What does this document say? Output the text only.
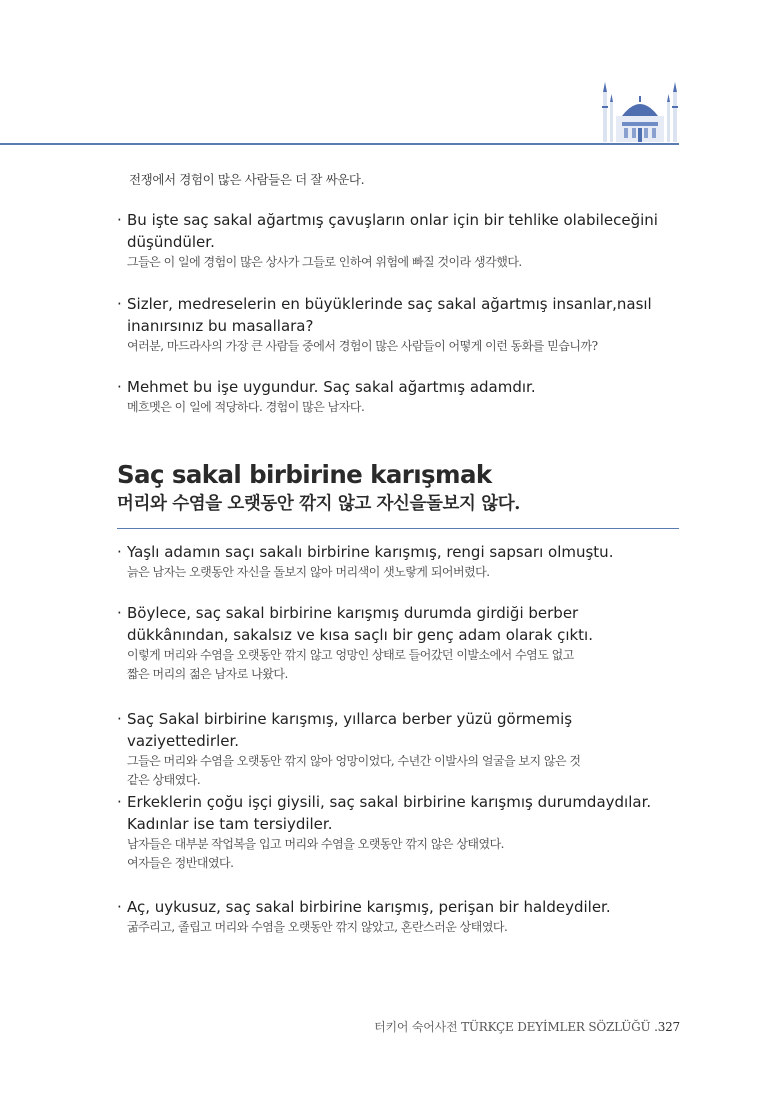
전쟁에서 경험이 많은 사람들은 더 잘 싸운다.
· Bu işte saç sakal ağartmış çavuşların onlar için bir tehlike olabileceğini
düşündüler.
그들은 이 일에 경험이 많은 상사가 그들로 인하여 위험에 빠질 것이라 생각했다.
· Sizler, medreselerin en büyüklerinde saç sakal ağartmış insanlar,nasıl
inanırsınız bu masallara?
여러분, 마드라사의 가장 큰 사람들 중에서 경험이 많은 사람들이 어떻게 이런 동화를 믿습니까?
· Mehmet bu işe uygundur. Saç sakal ağartmış adamdır.
메흐멧은 이 일에 적당하다. 경험이 많은 남자다.
Saç sakal birbirine karışmak
머리와 수염을 오랫동안 깎지 않고 자신을돌보지 않다.
· Yaşlı adamın saçı sakalı birbirine karışmış, rengi sapsarı olmuştu.
늙은 남자는 오랫동안 자신을 돌보지 않아 머리색이 샛노랗게 되어버렸다.
· Böylece, saç sakal birbirine karışmış durumda girdiği berber
dükkânından, sakalsız ve kısa saçlı bir genç adam olarak çıktı.
이렇게 머리와 수염을 오랫동안 깎지 않고 엉망인 상태로 들어갔던 이발소에서 수염도 없고
짧은 머리의 젊은 남자로 나왔다.
· Saç Sakal birbirine karışmış, yıllarca berber yüzü görmemiş vaziyettedirler.
그들은 머리와 수염을 오랫동안 깎지 않아 엉망이었다, 수년간 이발사의 얼굴을 보지 않은 것
같은 상태였다.
· Erkeklerin çoğu işçi giysili, saç sakal birbirine karışmış durumdaydılar.
Kadınlar ise tam tersiydiler.
남자들은 대부분 작업복을 입고 머리와 수염을 오랫동안 깎지 않은 상태였다.
여자들은 정반대였다.
· Aç, uykusuz, saç sakal birbirine karışmış, perişan bir haldeydiler.
굶주리고, 졸립고 머리와 수염을 오랫동안 깎지 않았고, 혼란스러운 상태였다.
터키어 숙어사전 TÜRKÇE DEYİMLER SÖZLÜĞÜ .327
